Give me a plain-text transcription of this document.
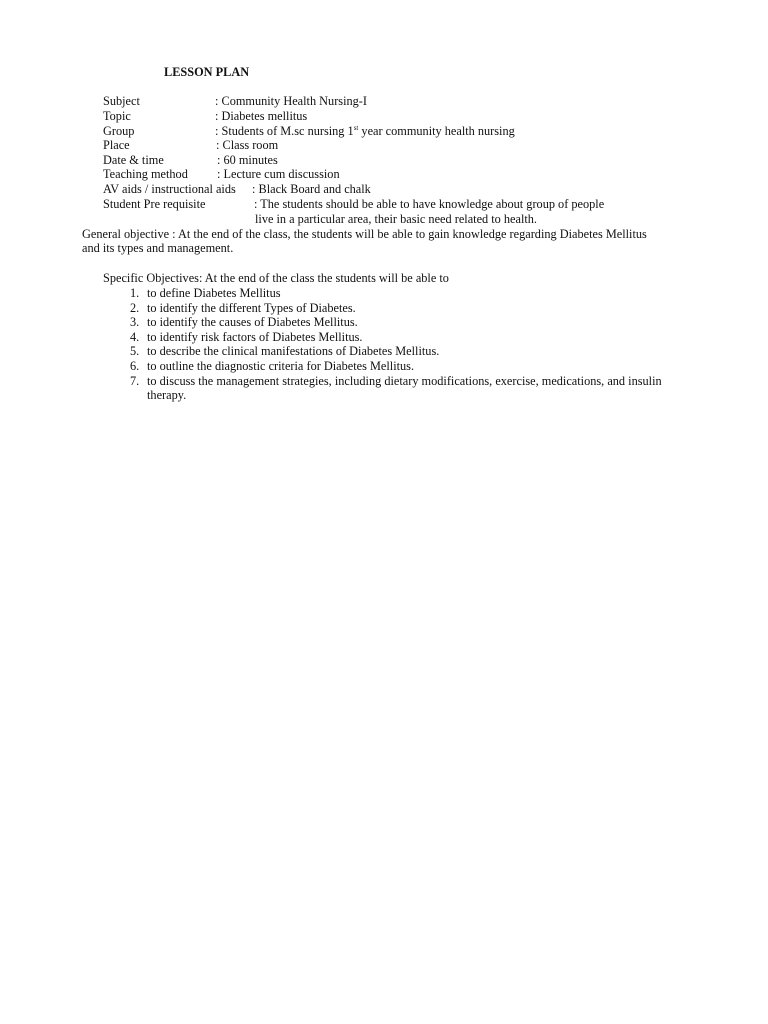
LESSON PLAN
Subject
Topic
Group
Place
Date & time
Teaching method
AV aids / instructional aids
Student Pre requisite
: Community Health Nursing-I
: Diabetes mellitus
: Students of M.sc nursing 1st year community health nursing
: Class room
: 60 minutes
: Lecture cum discussion
: Black Board and chalk
: The students should be able to have knowledge about group of people
live in a particular area, their basic need related to health.
General objective : At the end of the class, the students will be able to gain knowledge regarding Diabetes Mellitus
and its types and management.
Specific Objectives: At the end of the class the students will be able to
1. to define Diabetes Mellitus
2. to identify the different Types of Diabetes.
3. to identify the causes of Diabetes Mellitus.
4. to identify risk factors of Diabetes Mellitus.
5. to describe the clinical manifestations of Diabetes Mellitus.
6. to outline the diagnostic criteria for Diabetes Mellitus.
7. to discuss the management strategies, including dietary modifications, exercise, medications, and insulin therapy.
